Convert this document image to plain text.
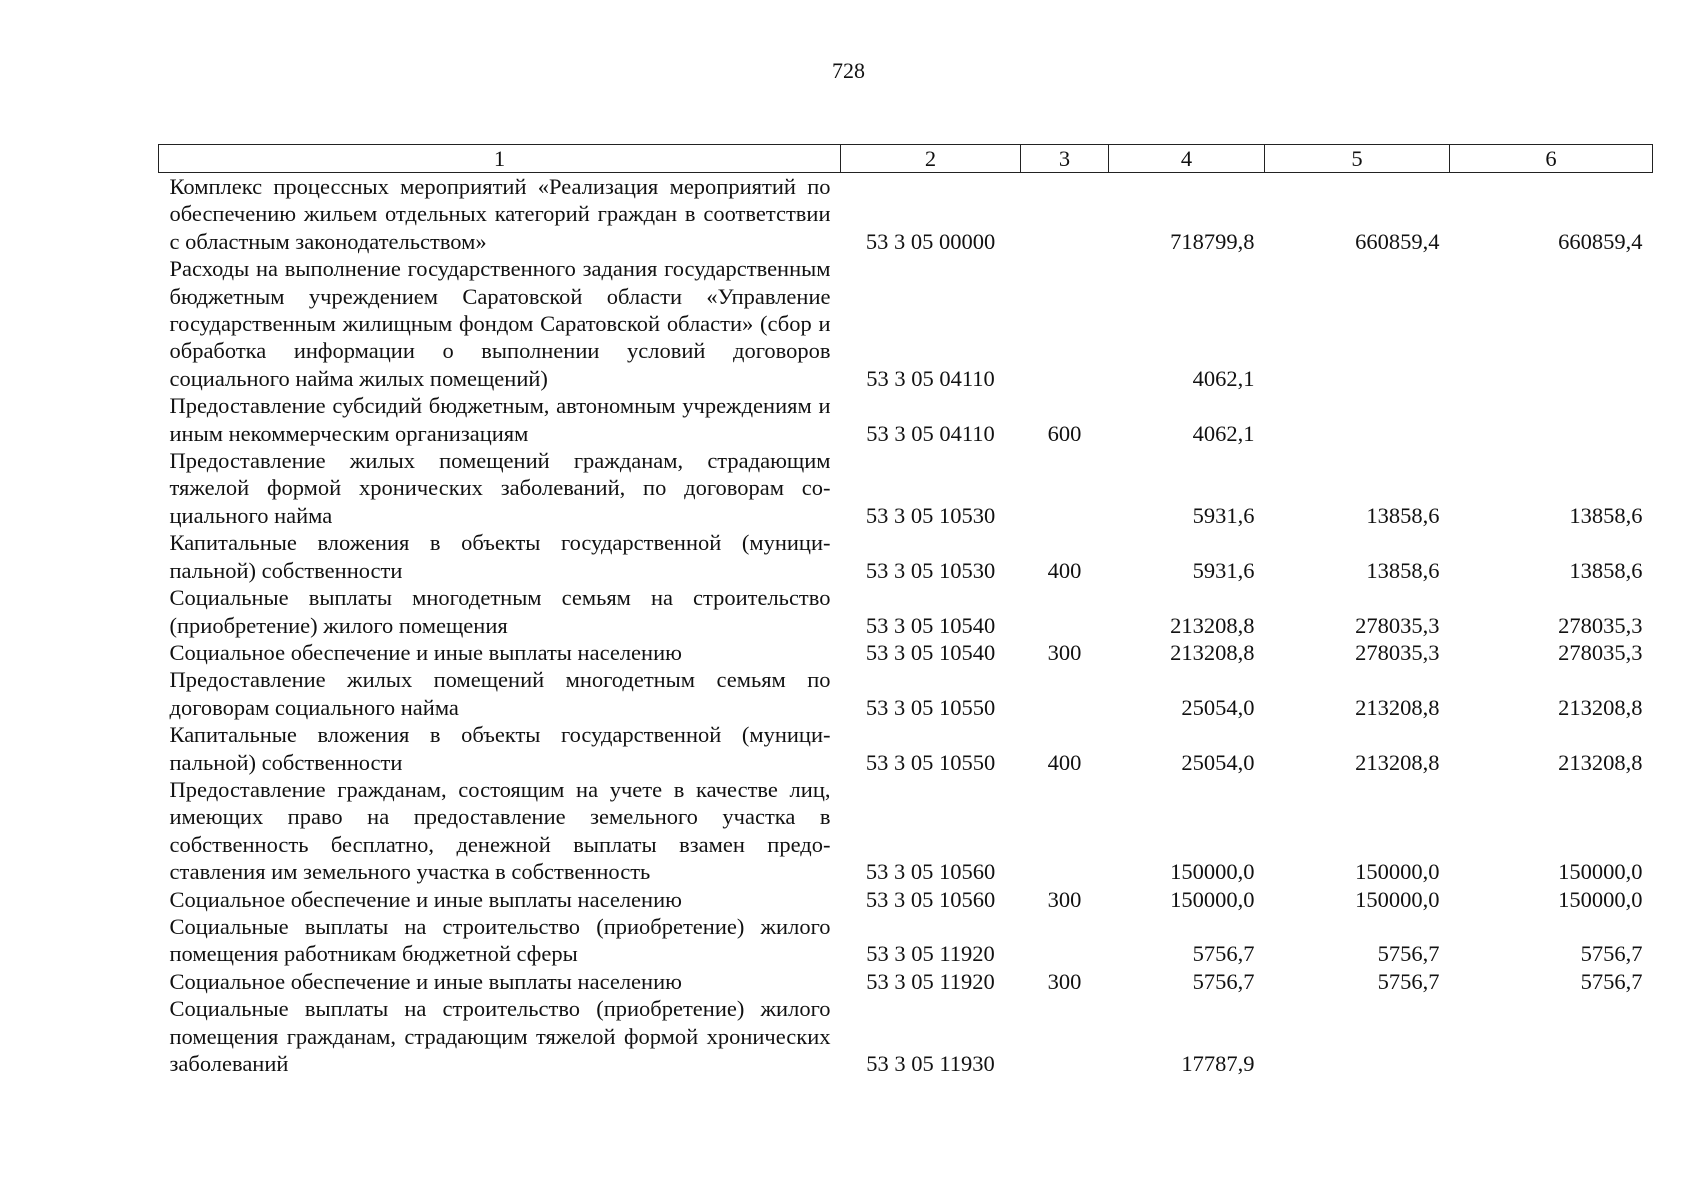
728
1	2	3	4	5	6
Комплекс процессных мероприятий «Реализация мероприятий по обеспечению жильем отдельных категорий граждан в соответствии с областным законодательством»	53 3 05 00000		718799,8	660859,4	660859,4
Расходы на выполнение государственного задания государственным бюджетным учреждением Саратовской области «Управление государственным жилищным фондом Саратовской области» (сбор и обработка информации о выполнении условий договоров социального найма жилых помещений)	53 3 05 04110		4062,1		
Предоставление субсидий бюджетным, автономным учреждениям и иным некоммерческим организациям	53 3 05 04110	600	4062,1		
Предоставление жилых помещений гражданам, страдающим тяжелой формой хронических заболеваний, по договорам социального найма	53 3 05 10530		5931,6	13858,6	13858,6
Капитальные вложения в объекты государственной (муниципальной) собственности	53 3 05 10530	400	5931,6	13858,6	13858,6
Социальные выплаты многодетным семьям на строительство (приобретение) жилого помещения	53 3 05 10540		213208,8	278035,3	278035,3
Социальное обеспечение и иные выплаты населению	53 3 05 10540	300	213208,8	278035,3	278035,3
Предоставление жилых помещений многодетным семьям по договорам социального найма	53 3 05 10550		25054,0	213208,8	213208,8
Капитальные вложения в объекты государственной (муниципальной) собственности	53 3 05 10550	400	25054,0	213208,8	213208,8
Предоставление гражданам, состоящим на учете в качестве лиц, имеющих право на предоставление земельного участка в собственность бесплатно, денежной выплаты взамен предоставления им земельного участка в собственность	53 3 05 10560		150000,0	150000,0	150000,0
Социальное обеспечение и иные выплаты населению	53 3 05 10560	300	150000,0	150000,0	150000,0
Социальные выплаты на строительство (приобретение) жилого помещения работникам бюджетной сферы	53 3 05 11920		5756,7	5756,7	5756,7
Социальное обеспечение и иные выплаты населению	53 3 05 11920	300	5756,7	5756,7	5756,7
Социальные выплаты на строительство (приобретение) жилого помещения гражданам, страдающим тяжелой формой хронических заболеваний	53 3 05 11930		17787,9		
